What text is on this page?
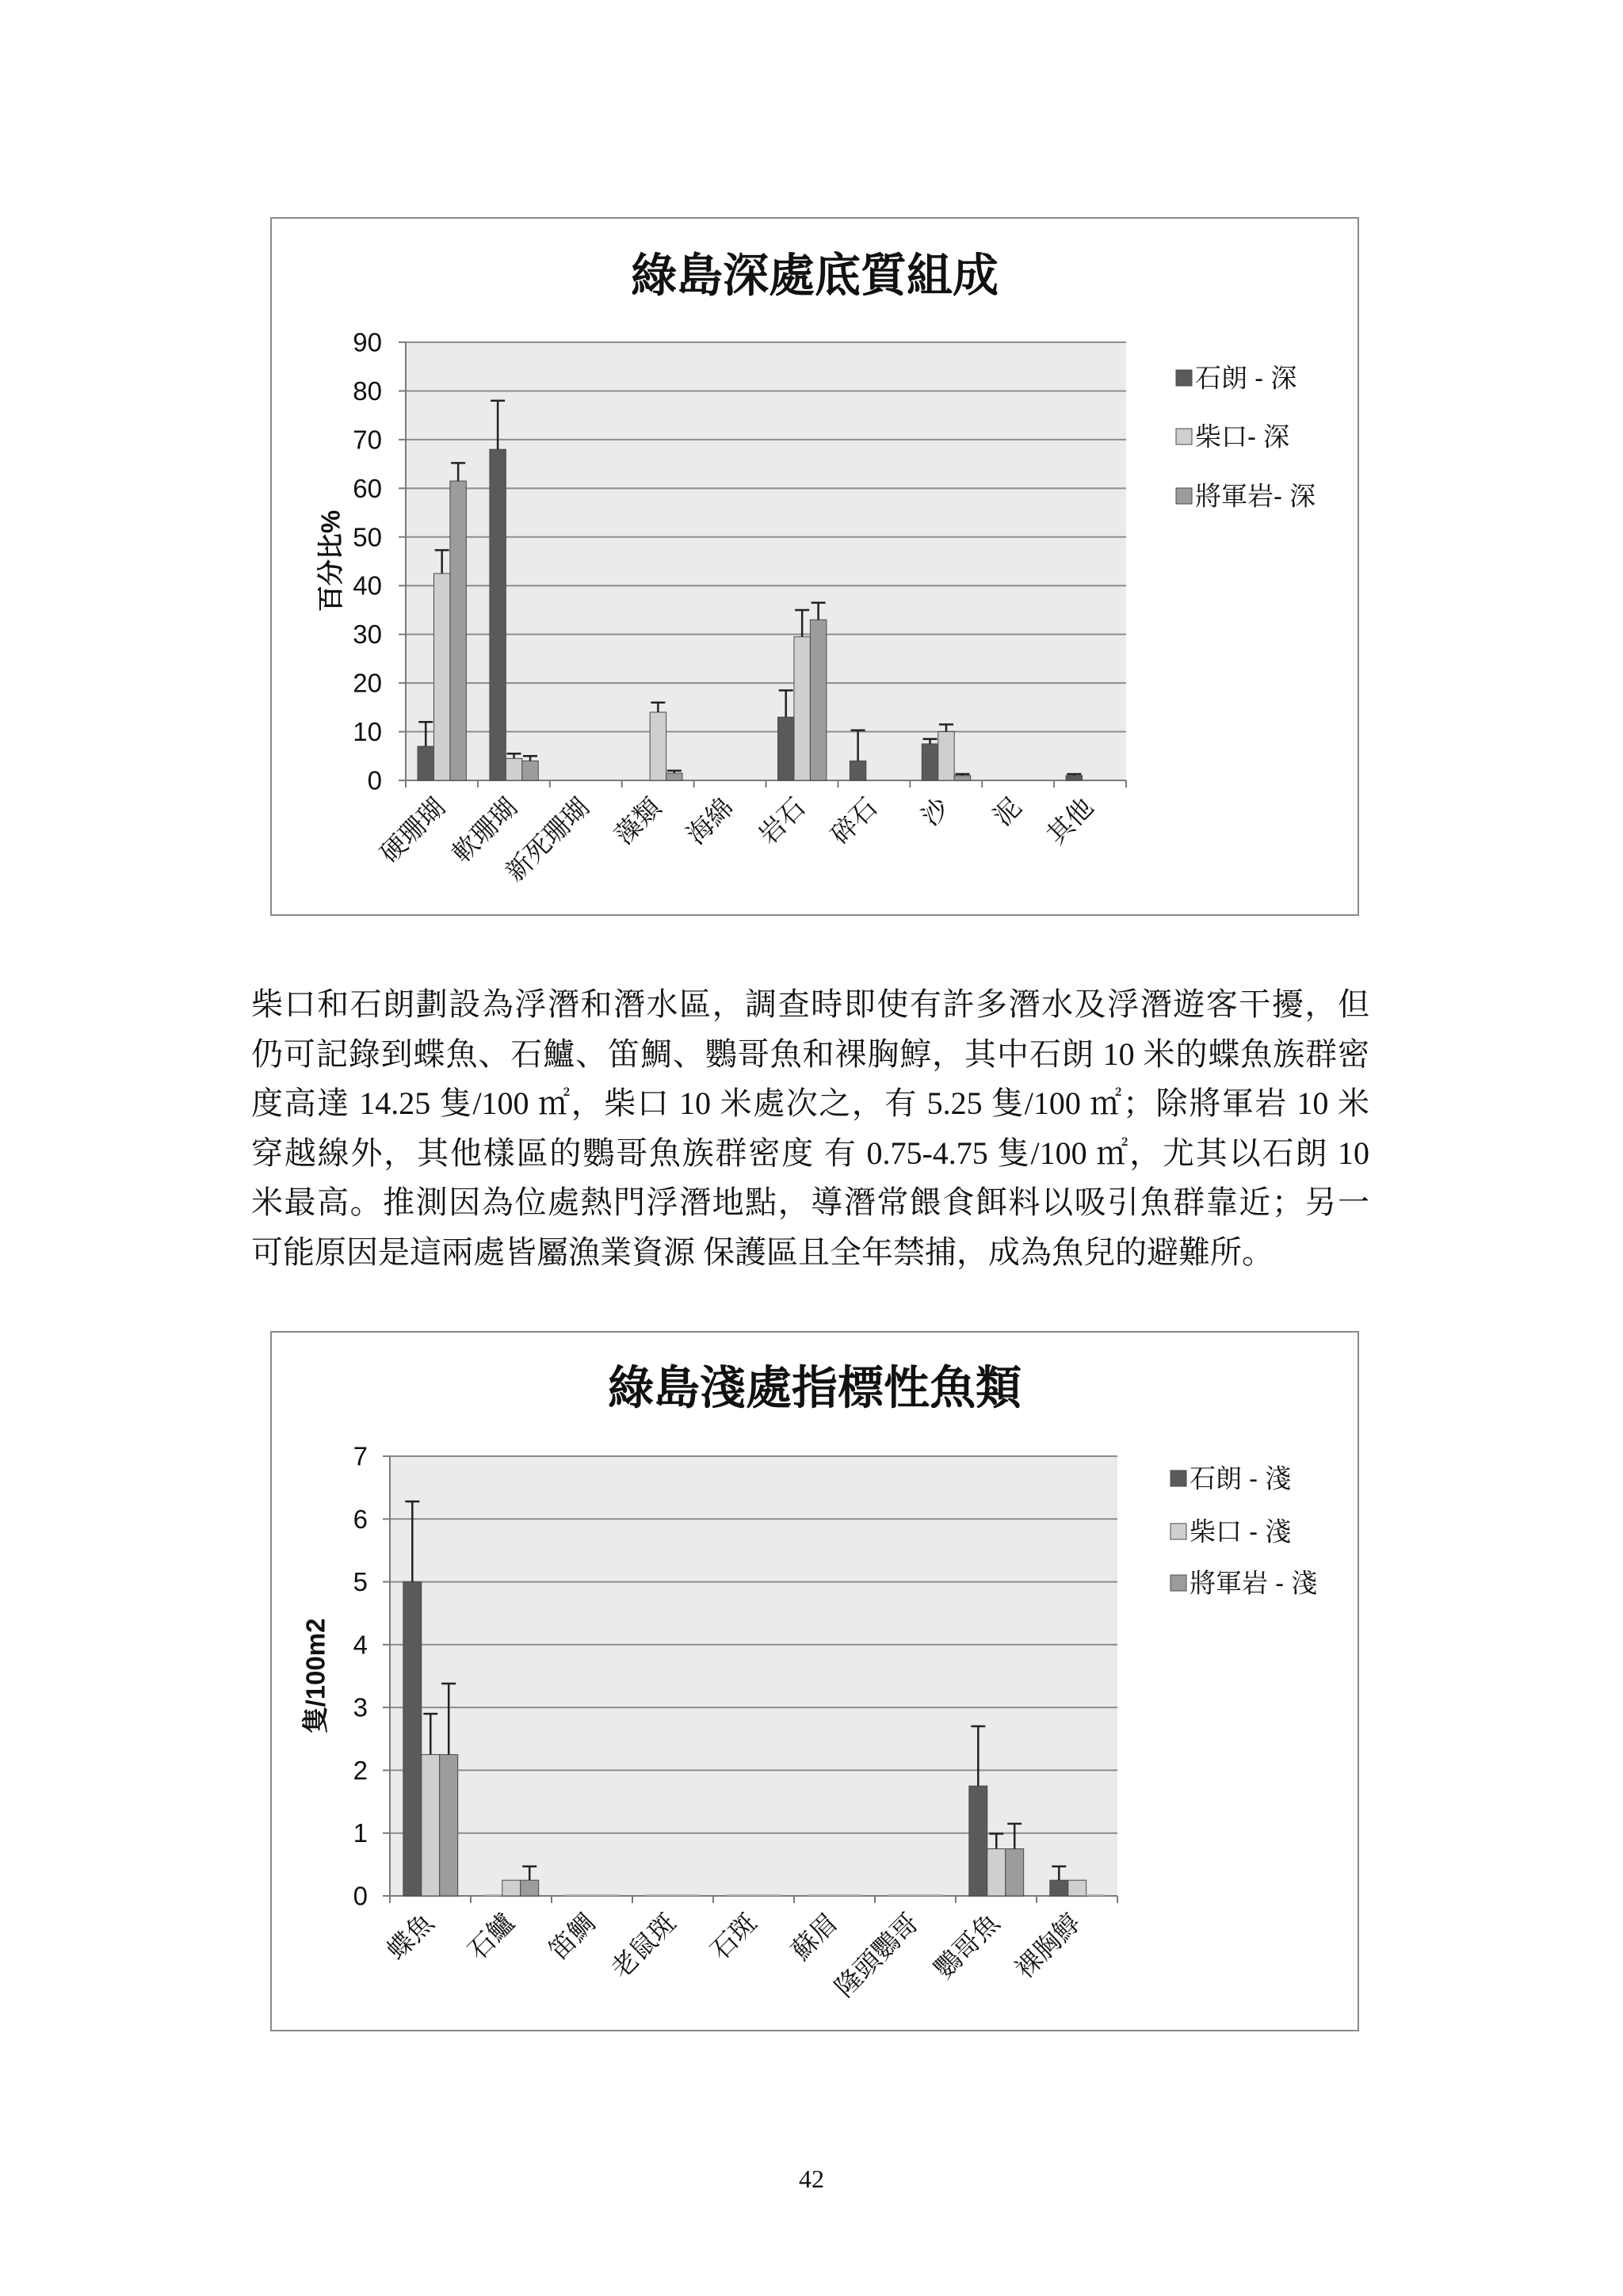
0
10
20
30
40
50
60
70
80
90
硬珊瑚
軟珊瑚
新死珊瑚 藻類 海綿 岩石 碎石 沙 泥 其他
綠島深處底質組成
百分比%
石朗 - 深
柴口- 深
將軍岩- 深
柴口和石朗劃設為浮潛和潛水區，調查時即使有許多潛水及浮潛遊客干擾，但
仍可記錄到蝶魚、石鱸、笛鯛、鸚哥魚和裸胸鯙，其中石朗 10 米的蝶魚族群密
度高達 14.25 隻/100 ㎡，柴口 10 米處次之，有 5.25 隻/100 ㎡；除將軍岩 10 米
穿越線外，其他樣區的鸚哥魚族群密度 有 0.75-4.75 隻/100 ㎡，尤其以石朗 10
米最高。推測因為位處熱門浮潛地點，導潛常餵食餌料以吸引魚群靠近；另一
可能原因是這兩處皆屬漁業資源 保護區且全年禁捕，成為魚兒的避難所。
0
1
2
3
4
5
6
7
蝶魚 石鱸 笛鯛 老鼠斑 石斑 蘇眉
隆頭鸚哥 鸚哥魚 裸胸鯙
綠島淺處指標性魚類
隻/100m2
石朗 - 淺
柴口 - 淺
將軍岩 - 淺
42
